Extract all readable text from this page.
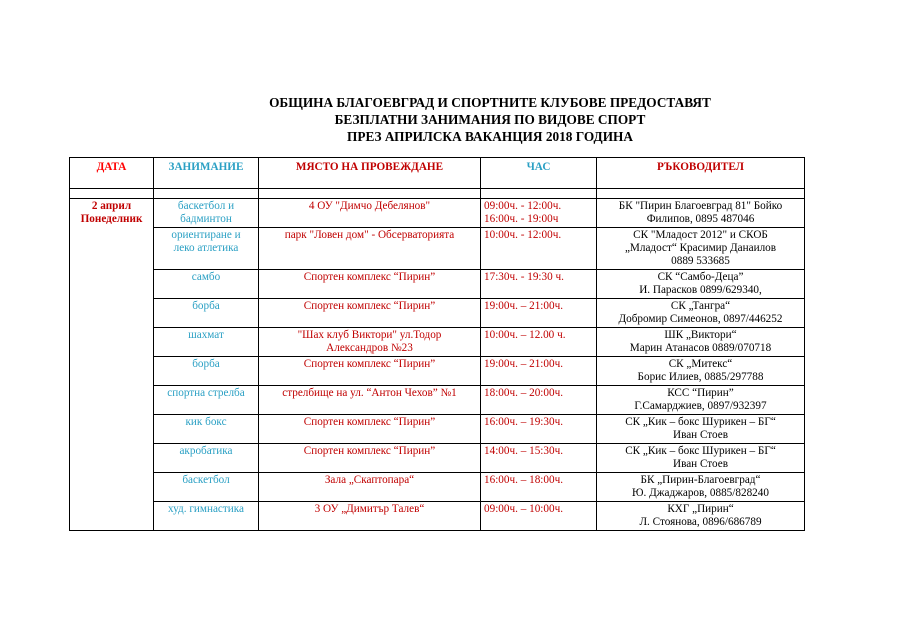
ОБЩИНА БЛАГОЕВГРАД И СПОРТНИТЕ КЛУБОВЕ ПРЕДОСТАВЯТ
БЕЗПЛАТНИ ЗАНИМАНИЯ ПО ВИДОВЕ СПОРТ
ПРЕЗ АПРИЛСКА ВАКАНЦИЯ 2018 ГОДИНА
ДАТА	ЗАНИМАНИЕ	МЯСТО НА ПРОВЕЖДАНЕ	ЧАС	РЪКОВОДИТЕЛ

2 април
Понеделник	баскетбол и
бадминтон	4 ОУ "Димчо Дебелянов"	09:00ч. - 12:00ч.
16:00ч. - 19:00ч	БК "Пирин Благоевград 81" Бойко
Филипов, 0895 487046

	ориентиране и
леко атлетика	парк "Ловен дом" - Обсерваторията	10:00ч. - 12:00ч.	СК "Младост 2012" и СКОБ
„Младост“ Красимир Данаилов
0889 533685

	самбо	Спортен комплекс “Пирин”	17:30ч. - 19:30 ч.	СК “Самбо-Деца”
И. Парасков 0899/629340,

	борба	Спортен комплекс “Пирин”	19:00ч. – 21:00ч.	СК „Тангра“
Добромир Симеонов, 0897/446252

	шахмат	"Шах клуб Виктори" ул.Тодор
Александров №23	10:00ч. – 12.00 ч.	ШК „Виктори“
Марин Атанасов 0889/070718

	борба	Спортен комплекс “Пирин”	19:00ч. – 21:00ч.	СК „Митекс“
Борис Илиев, 0885/297788

	спортна стрелба	стрелбище на ул. “Антон Чехов” №1	18:00ч. – 20:00ч.	КСС “Пирин”
Г.Самарджиев, 0897/932397

	кик бокс	Спортен комплекс “Пирин”	16:00ч. – 19:30ч.	СК „Кик – бокс Шурикен – БГ“
Иван Стоев

	акробатика	Спортен комплекс “Пирин”	14:00ч. – 15:30ч.	СК „Кик – бокс Шурикен – БГ“
Иван Стоев

	баскетбол	Зала „Скаптопара“	16:00ч. – 18:00ч.	БК „Пирин-Благоевград“
Ю. Джаджаров, 0885/828240

	худ. гимнастика	3 ОУ „Димитър Талев“	09:00ч. – 10:00ч.	КХГ „Пирин“
Л. Стоянова, 0896/686789
